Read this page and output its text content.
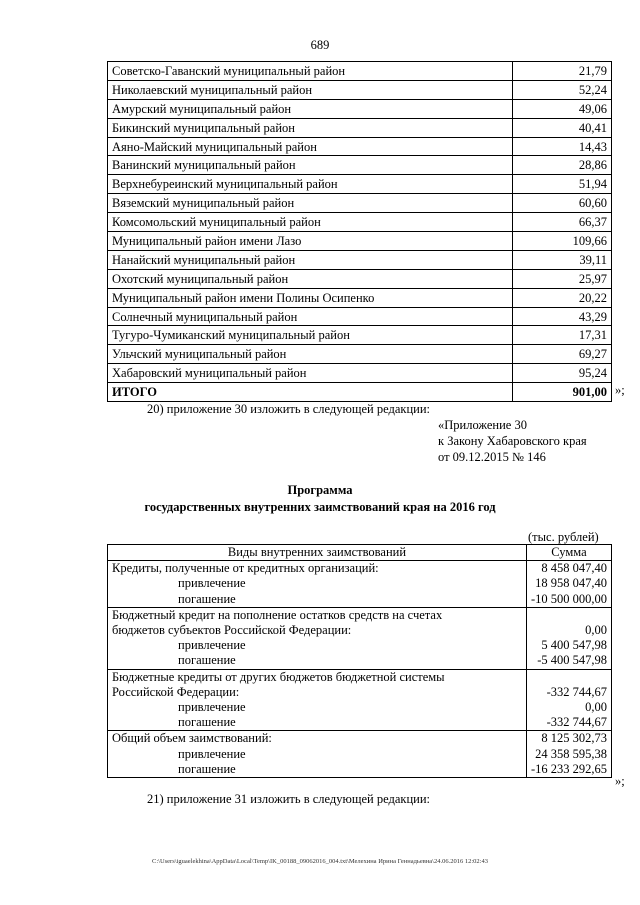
689
Советско-Гаванский муниципальный район	21,79
Николаевский муниципальный район	52,24
Амурский муниципальный район	49,06
Бикинский муниципальный район	40,41
Аяно-Майский муниципальный район	14,43
Ванинский муниципальный район	28,86
Верхнебуреинский муниципальный район	51,94
Вяземский муниципальный район	60,60
Комсомольский муниципальный район	66,37
Муниципальный район имени Лазо	109,66
Нанайский муниципальный район	39,11
Охотский муниципальный район	25,97
Муниципальный район имени Полины Осипенко	20,22
Солнечный муниципальный район	43,29
Тугуро-Чумиканский муниципальный район	17,31
Ульчский муниципальный район	69,27
Хабаровский муниципальный район	95,24
ИТОГО	901,00 »;
20) приложение 30 изложить в следующей редакции:
«Приложение 30
к Закону Хабаровского края
от 09.12.2015 № 146
Программа
государственных внутренних заимствований края на 2016 год
(тыс. рублей)
Виды внутренних заимствований	Сумма
Кредиты, полученные от кредитных организаций:	8 458 047,40
привлечение	18 958 047,40
погашение	-10 500 000,00
Бюджетный кредит на пополнение остатков средств на счетах	
бюджетов субъектов Российской Федерации:	0,00
привлечение	5 400 547,98
погашение	-5 400 547,98
Бюджетные кредиты от других бюджетов бюджетной системы	
Российской Федерации:	-332 744,67
привлечение	0,00
погашение	-332 744,67
Общий объем заимствований:	8 125 302,73
привлечение	24 358 595,38
погашение	-16 233 292,65
»;
21) приложение 31 изложить в следующей редакции:
C:\Users\iguaelekhina\AppData\Local\Temp\IK_00188_09062016_004.txt\Мелехина Ирина Геннадьевна\24.06.2016 12:02:43
